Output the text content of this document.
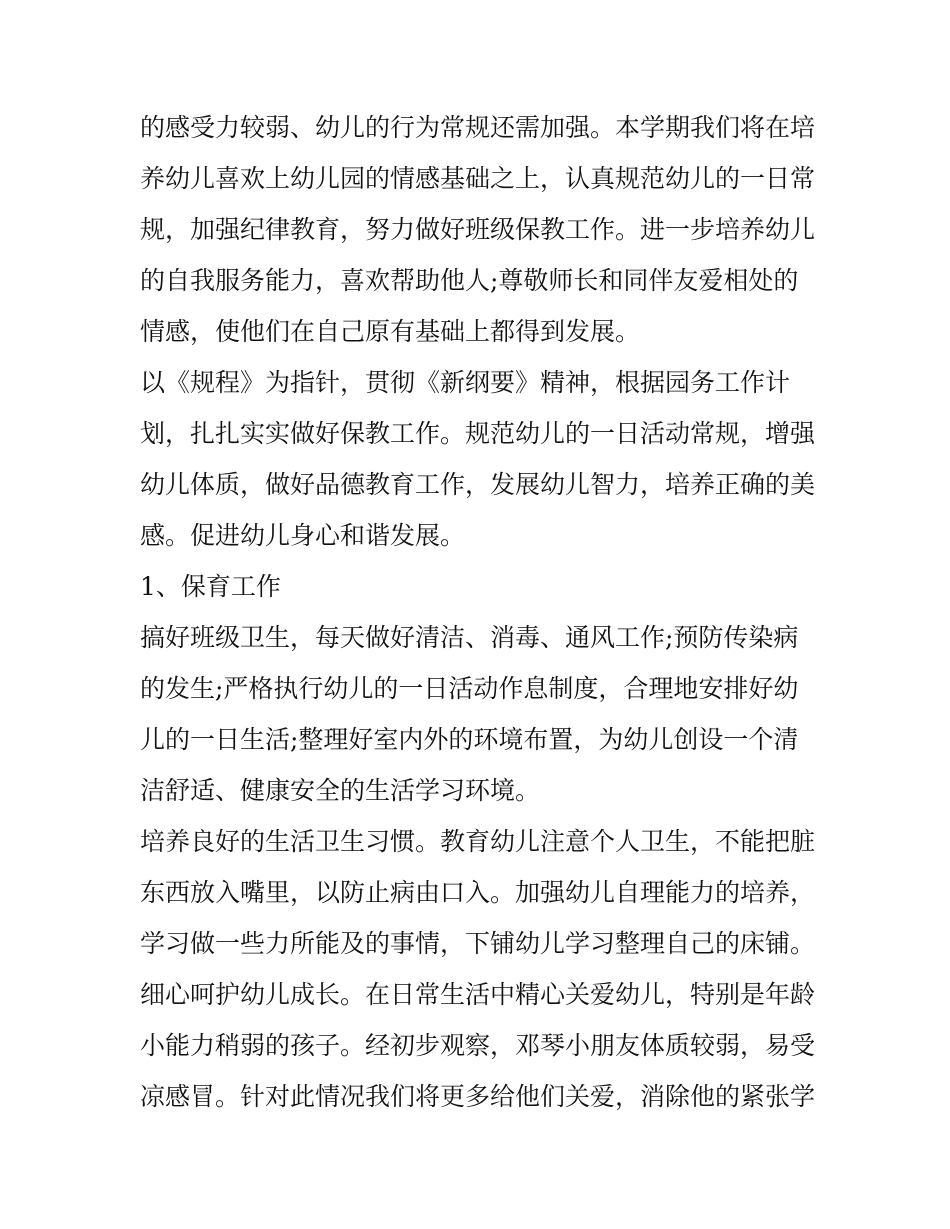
的感受力较弱、幼儿的行为常规还需加强。本学期我们将在培
养幼儿喜欢上幼儿园的情感基础之上，认真规范幼儿的一日常
规，加强纪律教育，努力做好班级保教工作。进一步培养幼儿
的自我服务能力，喜欢帮助他人;尊敬师长和同伴友爱相处的
情感，使他们在自己原有基础上都得到发展。
以《规程》为指针，贯彻《新纲要》精神，根据园务工作计
划，扎扎实实做好保教工作。规范幼儿的一日活动常规，增强
幼儿体质，做好品德教育工作，发展幼儿智力，培养正确的美
感。促进幼儿身心和谐发展。
1、保育工作
搞好班级卫生，每天做好清洁、消毒、通风工作;预防传染病
的发生;严格执行幼儿的一日活动作息制度，合理地安排好幼
儿的一日生活;整理好室内外的环境布置，为幼儿创设一个清
洁舒适、健康安全的生活学习环境。
培养良好的生活卫生习惯。教育幼儿注意个人卫生，不能把脏
东西放入嘴里，以防止病由口入。加强幼儿自理能力的培养，
学习做一些力所能及的事情，下铺幼儿学习整理自己的床铺。
细心呵护幼儿成长。在日常生活中精心关爱幼儿，特别是年龄
小能力稍弱的孩子。经初步观察，邓琴小朋友体质较弱，易受
凉感冒。针对此情况我们将更多给他们关爱，消除他的紧张学
